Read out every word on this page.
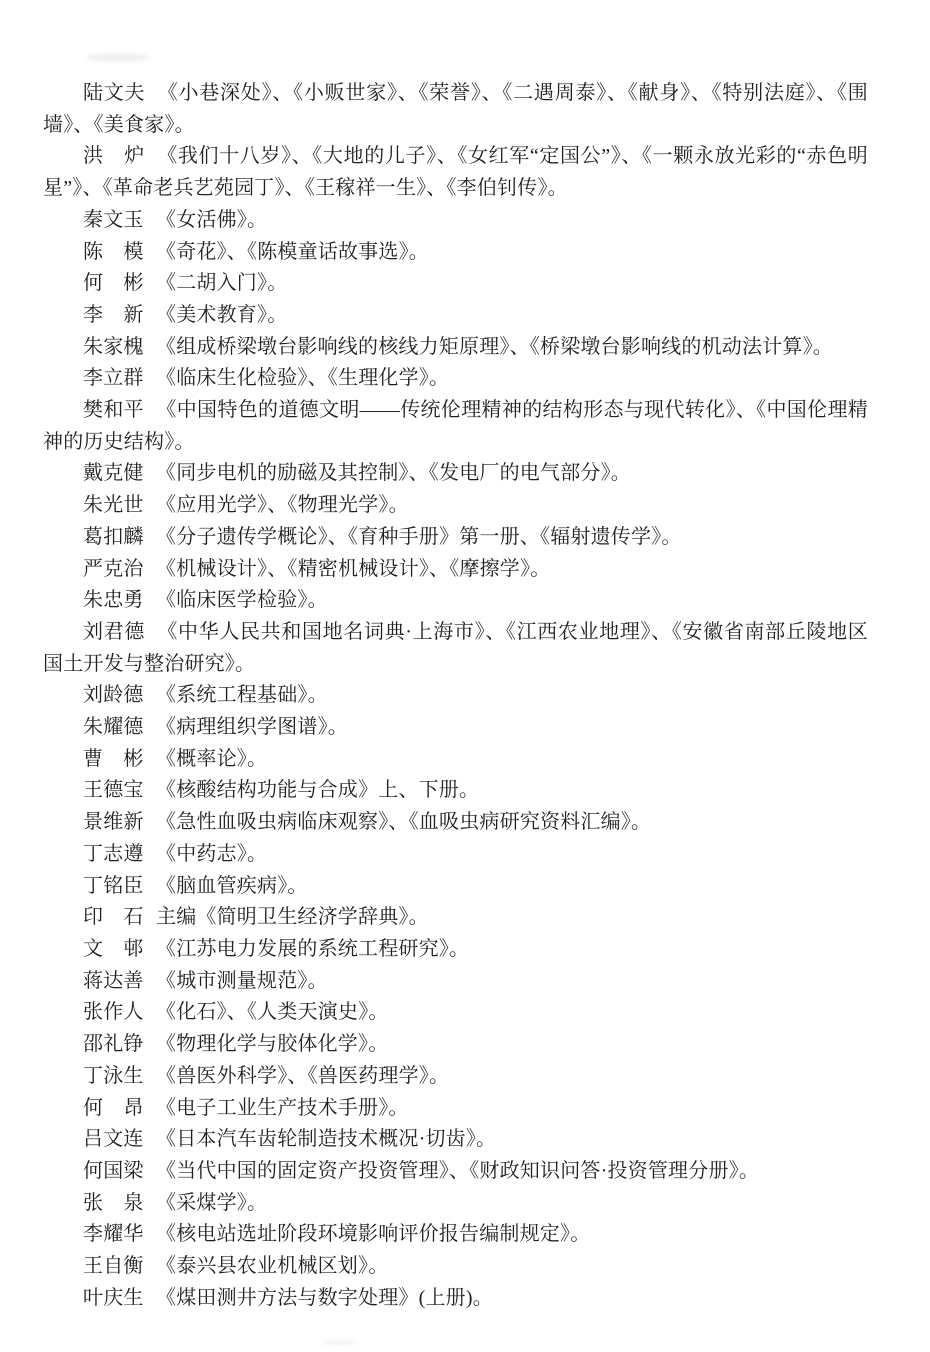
陆文夫 《小巷深处》、《小贩世家》、《荣誉》、《二遇周泰》、《献身》、《特别法庭》、《围墙》、《美食家》。

洪　炉 《我们十八岁》、《大地的儿子》、《女红军“定国公”》、《一颗永放光彩的“赤色明星”》、《革命老兵艺苑园丁》、《王稼祥一生》、《李伯钊传》。

秦文玉 《女活佛》。

陈　模 《奇花》、《陈模童话故事选》。

何　彬 《二胡入门》。

李　新 《美术教育》。

朱家槐 《组成桥梁墩台影响线的核线力矩原理》、《桥梁墩台影响线的机动法计算》。

李立群 《临床生化检验》、《生理化学》。

樊和平 《中国特色的道德文明——传统伦理精神的结构形态与现代转化》、《中国伦理精神的历史结构》。

戴克健 《同步电机的励磁及其控制》、《发电厂的电气部分》。

朱光世 《应用光学》、《物理光学》。

葛扣麟 《分子遗传学概论》、《育种手册》第一册、《辐射遗传学》。

严克治 《机械设计》、《精密机械设计》、《摩擦学》。

朱忠勇 《临床医学检验》。

刘君德 《中华人民共和国地名词典·上海市》、《江西农业地理》、《安徽省南部丘陵地区国土开发与整治研究》。

刘龄德 《系统工程基础》。

朱耀德 《病理组织学图谱》。

曹　彬 《概率论》。

王德宝 《核酸结构功能与合成》上、下册。

景维新 《急性血吸虫病临床观察》、《血吸虫病研究资料汇编》。

丁志遵 《中药志》。

丁铭臣 《脑血管疾病》。

印　石 主编《简明卫生经济学辞典》。

文　邨 《江苏电力发展的系统工程研究》。

蒋达善 《城市测量规范》。

张作人 《化石》、《人类天演史》。

邵礼铮 《物理化学与胶体化学》。

丁泳生 《兽医外科学》、《兽医药理学》。

何　昂 《电子工业生产技术手册》。

吕文连 《日本汽车齿轮制造技术概况·切齿》。

何国梁 《当代中国的固定资产投资管理》、《财政知识问答·投资管理分册》。

张　泉 《采煤学》。

李耀华 《核电站选址阶段环境影响评价报告编制规定》。

王自衡 《泰兴县农业机械区划》。

叶庆生 《煤田测井方法与数字处理》(上册)。
